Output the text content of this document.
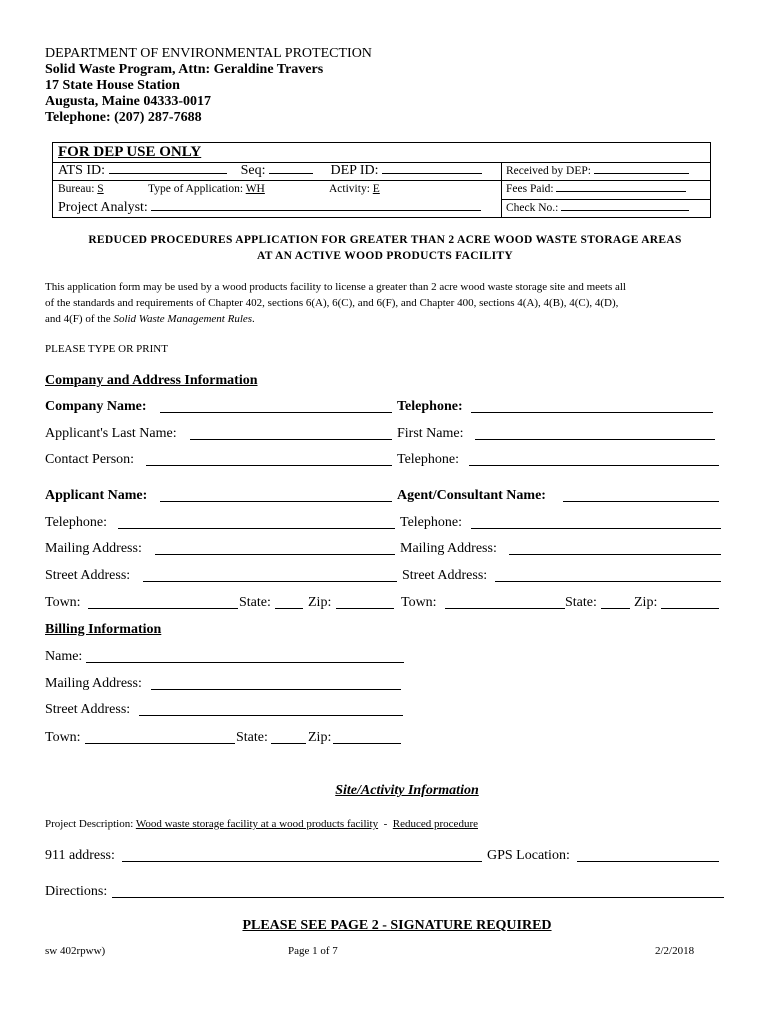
DEPARTMENT OF ENVIRONMENTAL PROTECTION
Solid Waste Program, Attn: Geraldine Travers
17 State House Station
Augusta, Maine 04333-0017
Telephone: (207) 287-7688
FOR DEP USE ONLY
ATS ID:	Seq:	DEP ID:	Received by DEP:
Bureau: S	Type of Application: WH	Activity: E	Fees Paid:
Project Analyst:	Check No.:
REDUCED PROCEDURES APPLICATION FOR GREATER THAN 2 ACRE WOOD WASTE STORAGE AREAS
AT AN ACTIVE WOOD PRODUCTS FACILITY
This application form may be used by a wood products facility to license a greater than 2 acre wood waste storage site and meets all
of the standards and requirements of Chapter 402, sections 6(A), 6(C), and 6(F), and Chapter 400, sections 4(A), 4(B), 4(C), 4(D),
and 4(F) of the Solid Waste Management Rules.
PLEASE TYPE OR PRINT
Company and Address Information
Company Name:	Telephone:
Applicant's Last Name:	First Name:
Contact Person:	Telephone:
Applicant Name:	Agent/Consultant Name:
Telephone:	Telephone:
Mailing Address:	Mailing Address:
Street Address:	Street Address:
Town:	State:	Zip:	Town:	State:	Zip:
Billing Information
Name:
Mailing Address:
Street Address:
Town:	State:	Zip:
Site/Activity Information
Project Description: Wood waste storage facility at a wood products facility  -  Reduced procedure
911 address:	GPS Location:
Directions:
PLEASE SEE PAGE 2 - SIGNATURE REQUIRED
sw 402rpww)	Page 1 of 7	2/2/2018
